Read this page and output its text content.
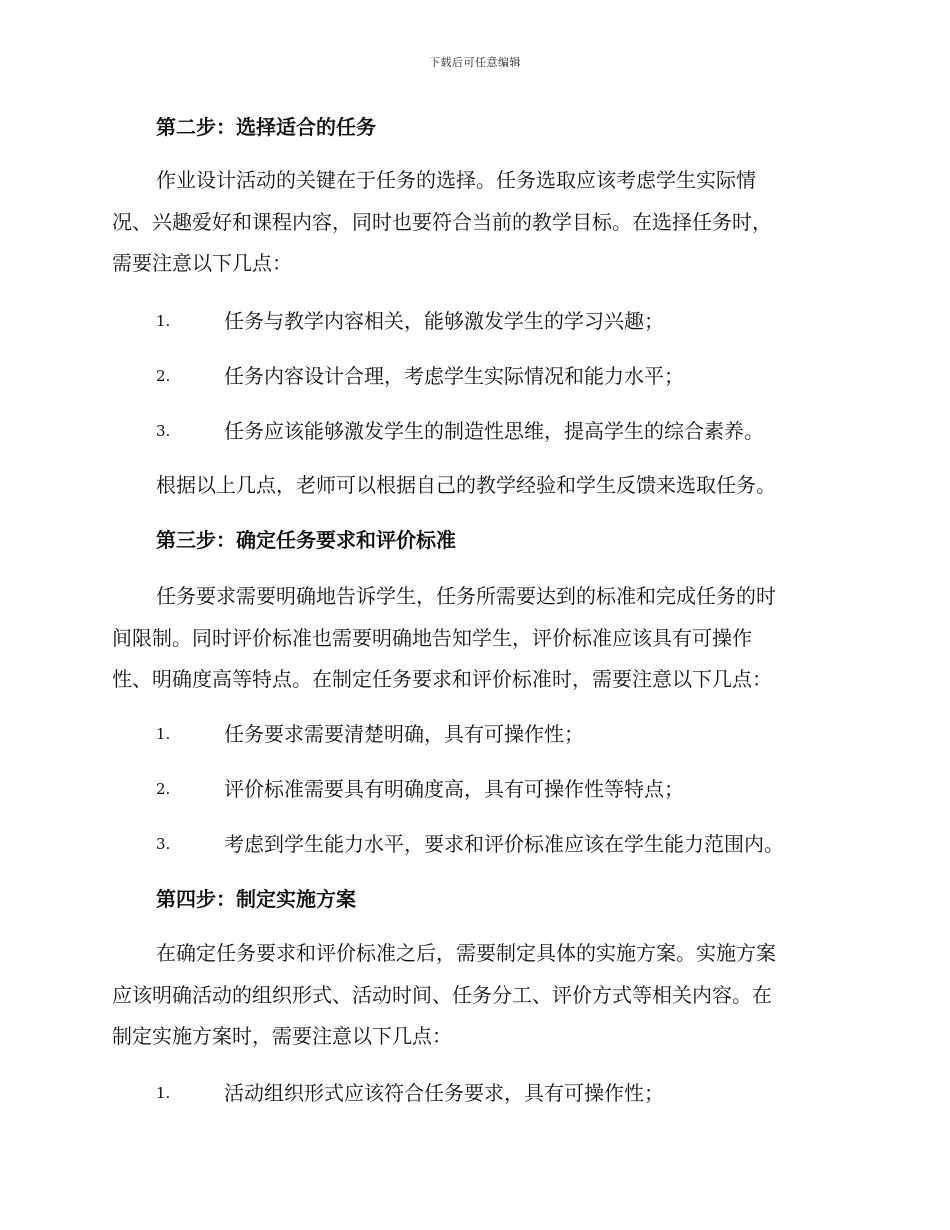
下载后可任意编辑
第二步：选择适合的任务
作业设计活动的关键在于任务的选择。任务选取应该考虑学生实际情
况、兴趣爱好和课程内容，同时也要符合当前的教学目标。在选择任务时，
需要注意以下几点：
1.	任务与教学内容相关，能够激发学生的学习兴趣；
2.	任务内容设计合理，考虑学生实际情况和能力水平；
3.	任务应该能够激发学生的制造性思维，提高学生的综合素养。
根据以上几点，老师可以根据自己的教学经验和学生反馈来选取任务。
第三步：确定任务要求和评价标准
任务要求需要明确地告诉学生，任务所需要达到的标准和完成任务的时
间限制。同时评价标准也需要明确地告知学生，评价标准应该具有可操作
性、明确度高等特点。在制定任务要求和评价标准时，需要注意以下几点：
1.	任务要求需要清楚明确，具有可操作性；
2.	评价标准需要具有明确度高，具有可操作性等特点；
3.	考虑到学生能力水平，要求和评价标准应该在学生能力范围内。
第四步：制定实施方案
在确定任务要求和评价标准之后，需要制定具体的实施方案。实施方案
应该明确活动的组织形式、活动时间、任务分工、评价方式等相关内容。在
制定实施方案时，需要注意以下几点：
1.	活动组织形式应该符合任务要求，具有可操作性；
